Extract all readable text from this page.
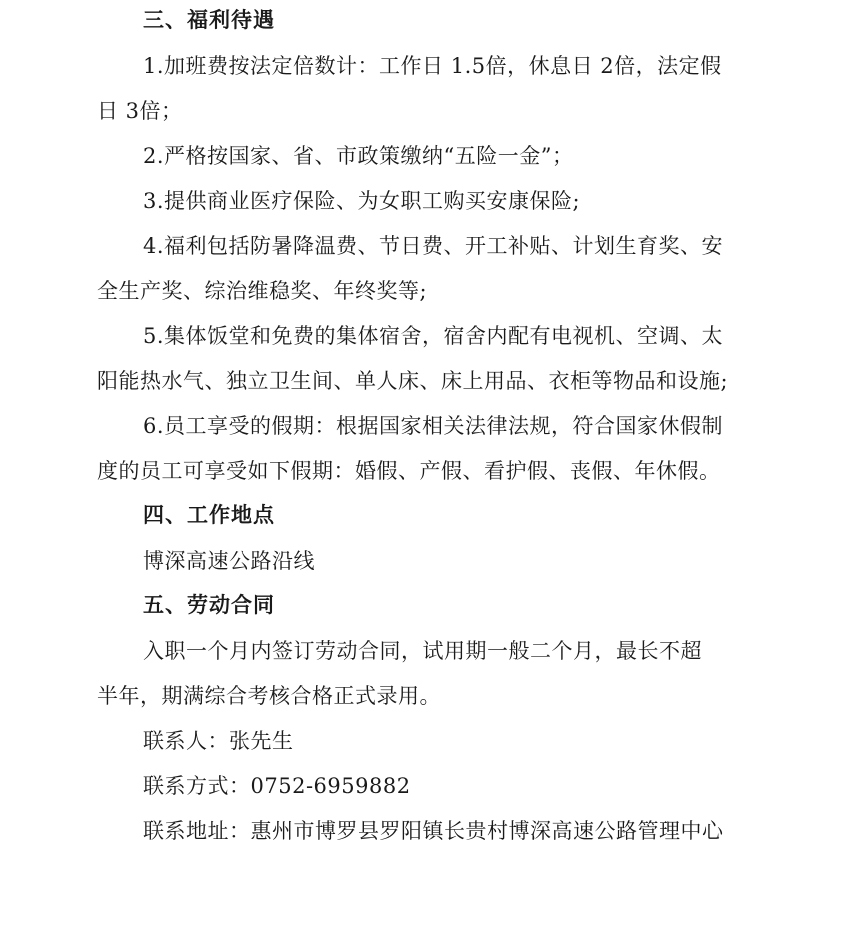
三、福利待遇
1.加班费按法定倍数计：工作日 1.5倍，休息日 2倍，法定假
日 3倍；
2.严格按国家、省、市政策缴纳“五险一金”；
3.提供商业医疗保险、为女职工购买安康保险;
4.福利包括防暑降温费、节日费、开工补贴、计划生育奖、安
全生产奖、综治维稳奖、年终奖等;
5.集体饭堂和免费的集体宿舍，宿舍内配有电视机、空调、太
阳能热水气、独立卫生间、单人床、床上用品、衣柜等物品和设施;
6.员工享受的假期：根据国家相关法律法规，符合国家休假制
度的员工可享受如下假期：婚假、产假、看护假、丧假、年休假。
四、工作地点
博深高速公路沿线
五、劳动合同
入职一个月内签订劳动合同，试用期一般二个月，最长不超
半年，期满综合考核合格正式录用。
联系人：张先生
联系方式：0752-6959882
联系地址：惠州市博罗县罗阳镇长贵村博深高速公路管理中心
